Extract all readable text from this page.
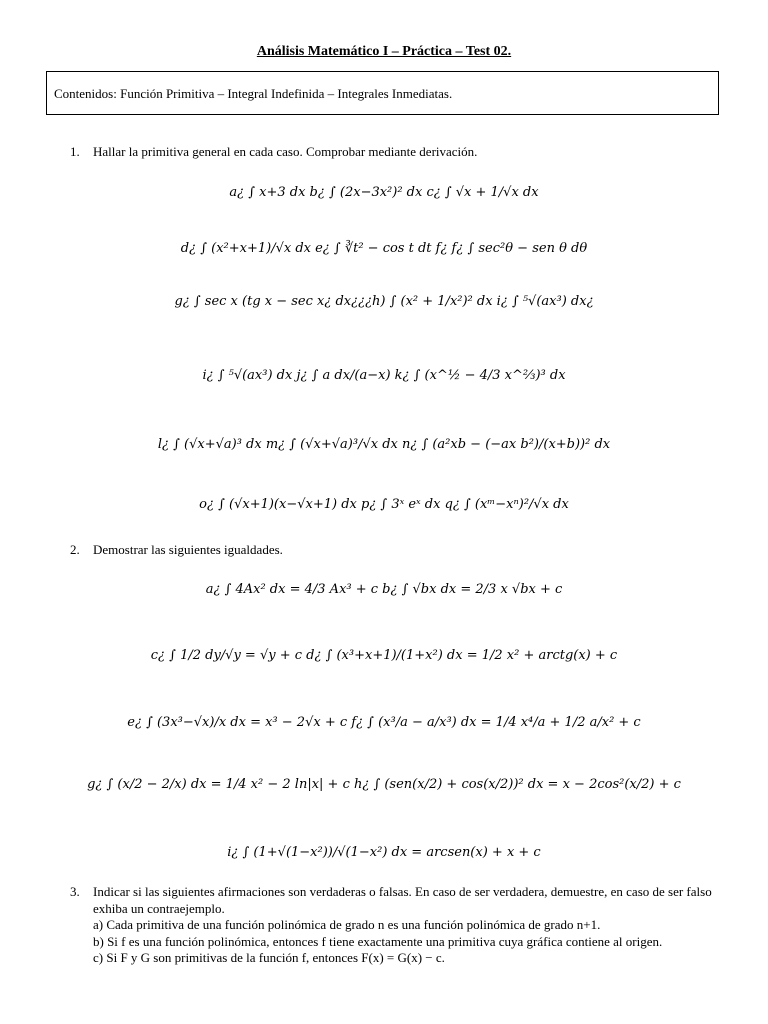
Análisis Matemático I – Práctica – Test 02.
Contenidos: Función Primitiva – Integral Indefinida – Integrales Inmediatas.
1. Hallar la primitiva general en cada caso. Comprobar mediante derivación.
a¿ ∫ x+3 dx b¿ ∫ (2x−3x²)² dx c¿ ∫ √x + 1/√x dx
d¿ ∫ (x²+x+1)/√x dx e¿ ∫ ∛t² − cos t dt f¿ f¿ ∫ sec²θ − sen θ dθ
g¿ ∫ sec x (tg x − sec x¿ dx¿¿¿h) ∫ (x² + 1/x²)² dx i¿ ∫ ⁵√(ax³) dx¿
i¿ ∫ ⁵√(ax³) dx j¿ ∫ a dx/(a−x) k¿ ∫ (x^½ − 4/3 x^⅔)³ dx
l¿ ∫ (√x+√a)³ dx m¿ ∫ (√x+√a)³/√x dx n¿ ∫ (a²xb − (−ax b²)/(x+b))² dx
o¿ ∫ (√x+1)(x−√x+1) dx p¿ ∫ 3ˣ eˣ dx q¿ ∫ (xᵐ−xⁿ)²/√x dx
2. Demostrar las siguientes igualdades.
a¿ ∫ 4Ax² dx = 4/3 Ax³ + c b¿ ∫ √bx dx = 2/3 x √bx + c
c¿ ∫ 1/2 dy/√y = √y + c d¿ ∫ (x³+x+1)/(1+x²) dx = 1/2 x² + arctg(x) + c
e¿ ∫ (3x³−√x)/x dx = x³ − 2√x + c f¿ ∫ (x³/a − a/x³) dx = 1/4 x⁴/a + 1/2 a/x² + c
g¿ ∫ (x/2 − 2/x) dx = 1/4 x² − 2 ln|x| + c h¿ ∫ (sen(x/2) + cos(x/2))² dx = x − 2cos²(x/2) + c
i¿ ∫ (1+√(1−x²))/√(1−x²) dx = arcsen(x) + x + c
3.	Indicar si las siguientes afirmaciones son verdaderas o falsas. En caso de ser verdadera, demuestre, en caso de ser falso exhiba un contraejemplo.
a) Cada primitiva de una función polinómica de grado n es una función polinómica de grado n+1.
b) Si f es una función polinómica, entonces f tiene exactamente una primitiva cuya gráfica contiene al origen.
c) Si F y G son primitivas de la función f, entonces F(x) = G(x) − c.
